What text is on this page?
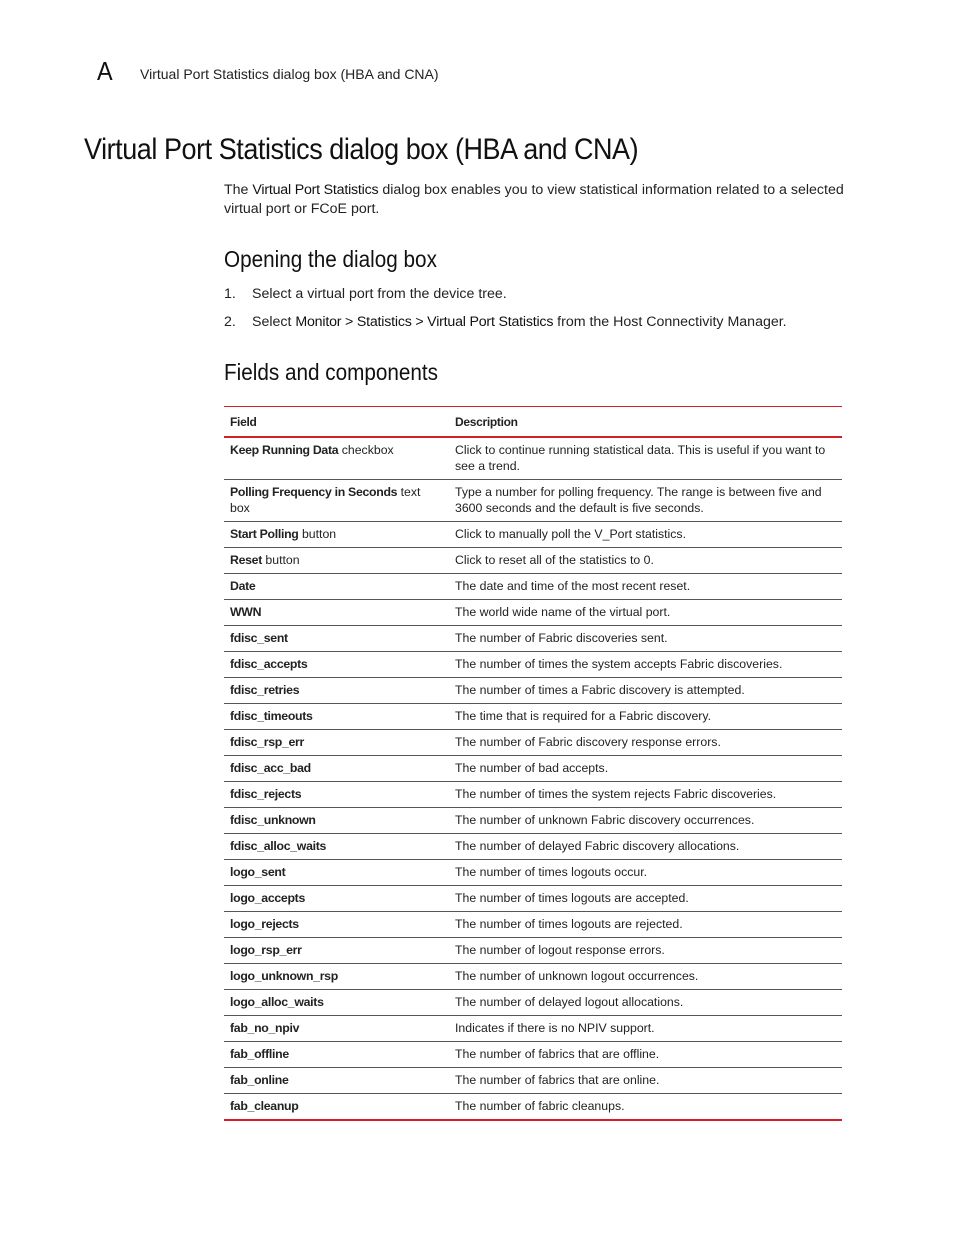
A Virtual Port Statistics dialog box (HBA and CNA)
Virtual Port Statistics dialog box (HBA and CNA)

The Virtual Port Statistics dialog box enables you to view statistical information related to a selected virtual port or FCoE port.

Opening the dialog box
1. Select a virtual port from the device tree.
2. Select Monitor > Statistics > Virtual Port Statistics from the Host Connectivity Manager.
Fields and components
Field	Description
Keep Running Data checkbox	Click to continue running statistical data. This is useful if you want to see a trend.
Polling Frequency in Seconds text box	Type a number for polling frequency. The range is between five and 3600 seconds and the default is five seconds.
Start Polling button	Click to manually poll the V_Port statistics.
Reset button	Click to reset all of the statistics to 0.
Date	The date and time of the most recent reset.
WWN	The world wide name of the virtual port.
fdisc_sent	The number of Fabric discoveries sent.
fdisc_accepts	The number of times the system accepts Fabric discoveries.
fdisc_retries	The number of times a Fabric discovery is attempted.
fdisc_timeouts	The time that is required for a Fabric discovery.
fdisc_rsp_err	The number of Fabric discovery response errors.
fdisc_acc_bad	The number of bad accepts.
fdisc_rejects	The number of times the system rejects Fabric discoveries.
fdisc_unknown	The number of unknown Fabric discovery occurrences.
fdisc_alloc_waits	The number of delayed Fabric discovery allocations.
logo_sent	The number of times logouts occur.
logo_accepts	The number of times logouts are accepted.
logo_rejects	The number of times logouts are rejected.
logo_rsp_err	The number of logout response errors.
logo_unknown_rsp	The number of unknown logout occurrences.
logo_alloc_waits	The number of delayed logout allocations.
fab_no_npiv	Indicates if there is no NPIV support.
fab_offline	The number of fabrics that are offline.
fab_online	The number of fabrics that are online.
fab_cleanup	The number of fabric cleanups.
